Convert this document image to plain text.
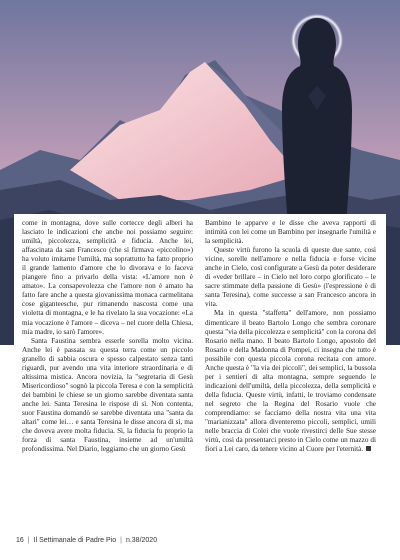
come in montagna, dove sulle cortecce degli alberi ha lasciato le indicazioni che anche noi possiamo seguire: umiltà, piccolezza, semplicità e fiducia. Anche lei, affascinata da san Francesco (che si firmava «piccolino») ha voluto imitarne l'umiltà, ma soprattutto ha fatto proprio il grande lamento d'amore che lo divorava e lo faceva piangere fino a privarlo della vista: «L'amore non è amato». La consapevolezza che l'amore non è amato ha fatto fare anche a questa giovanissima monaca carmelitana cose giganteesche, pur rimanendo nascosta come una violetta di montagna, e le ha rivelato la sua vocazione: «La mia vocazione è l'amore – diceva – nel cuore della Chiesa, mia madre, io sarò l'amore».

Santa Faustina sembra esserle sorella molto vicina. Anche lei è passata su questa terra come un piccolo granello di sabbia oscura e spesso calpestato senza tanti riguardi, pur avendo una vita interiore straordinaria e di altissima mistica. Ancora novizia, la "segretaria di Gesù Misericordioso" sognò la piccola Teresa e con la semplicità dei bambini le chiese se un giorno sarebbe diventata santa anche lei. Santa Teresina le rispose di sì. Non contenta, suor Faustina domandò se sarebbe diventata una "santa da altari" come lei… e santa Teresina le disse ancora di sì, ma che doveva avere molta fiducia. Sì, la fiducia fu proprio la forza di santa Faustina, insieme ad un'umiltà profondissima. Nel Diario, leggiamo che un giorno Gesù

Bambino le apparve e le disse che aveva rapporti di intimità con lei come un Bambino per insegnarle l'umiltà e la semplicità.

Queste virtù furono la scuola di queste due sante, così vicine, sorelle nell'amore e nella fiducia e forse vicine anche in Cielo, così configurate a Gesù da poter desiderare di «veder brillare – in Cielo nel loro corpo glorificato – le sacre stimmate della passione di Gesù» (l'espressione è di santa Teresina), come successe a san Francesco ancora in vita.

Ma in questa "staffetta" dell'amore, non possiamo dimenticare il beato Bartolo Longo che sembra coronare questa "via della piccolezza e semplicità" con la corona del Rosario nella mano. Il beato Bartolo Longo, apostolo del Rosario e della Madonna di Pompei, ci insegna che tutto è possibile con questa piccola corona recitata con amore. Anche questa è "la via dei piccoli", dei semplici, la bussola per i sentieri di alta montagna, sempre seguendo le indicazioni dell'umiltà, della piccolezza, della semplicità e della fiducia. Queste virtù, infatti, le troviamo condensate nel segreto che la Regina del Rosario vuole che comprendiamo: se facciamo della nostra vita una vita "marianizzata" allora diventeremo piccoli, semplici, umili nelle braccia di Colei che vuole rivestirci delle Sue stesse virtù, così da presentarci presto in Cielo come un mazzo di fiori a Lei caro, da tenere vicino al Cuore per l'eternità.

16 | Il Settimanale di Padre Pio | n.38/2020
